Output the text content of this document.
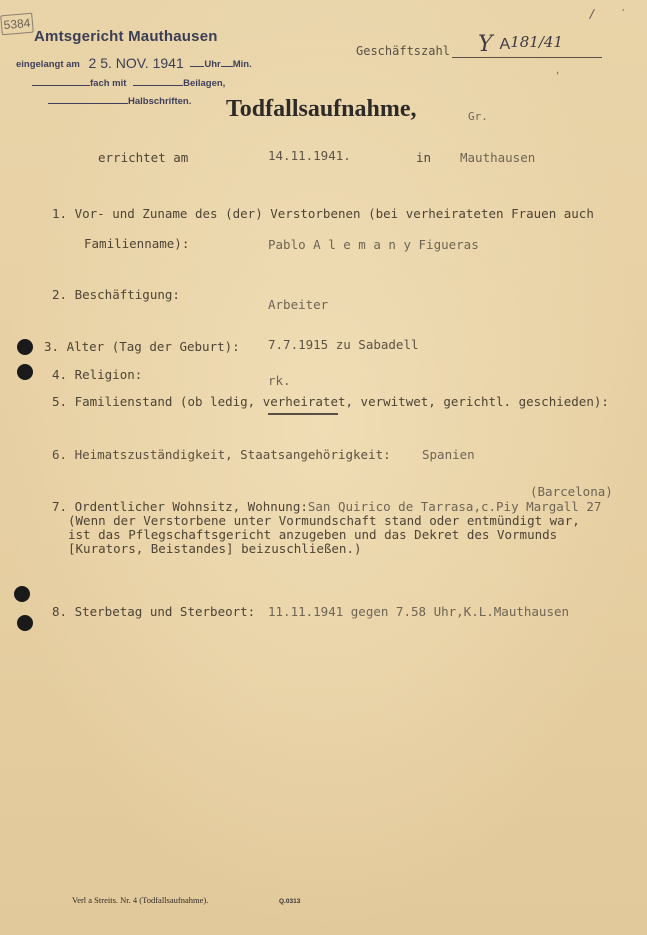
5384
Amtsgericht Mauthausen
eingelangt am 2 5. NOV. 1941 Uhr Min.
fach mit	Beilagen,
Halbschriften.
/	’
,
Geschäftszahl Y A181/41
Todfallsaufnahme,	Gr.
errichtet am	14.11.1941.	in Mauthausen
1. Vor- und Zuname des (der) Verstorbenen (bei verheirateten Frauen auch
Familienname):	Pablo A l e m a n y Figueras
2. Beschäftigung:
Arbeiter
3. Alter (Tag der Geburt): 7.7.1915 zu Sabadell
4. Religion:	rk.
5. Familienstand (ob ledig, verheiratet, verwitwet, gerichtl. geschieden):
6. Heimatszuständigkeit, Staatsangehörigkeit:	Spanien
(Barcelona)
7. Ordentlicher Wohnsitz, Wohnung:San Quirico de Tarrasa,c.Piy Margall 27
(Wenn der Verstorbene unter Vormundschaft stand oder entmündigt war,
ist das Pflegschaftsgericht anzugeben und das Dekret des Vormunds
[Kurators, Beistandes] beizuschließen.)
8. Sterbetag und Sterbeort: 11.11.1941 gegen 7.58 Uhr,K.L.Mauthausen
Verl a Streits. Nr. 4 (Todfallsaufnahme).	Q.0313
